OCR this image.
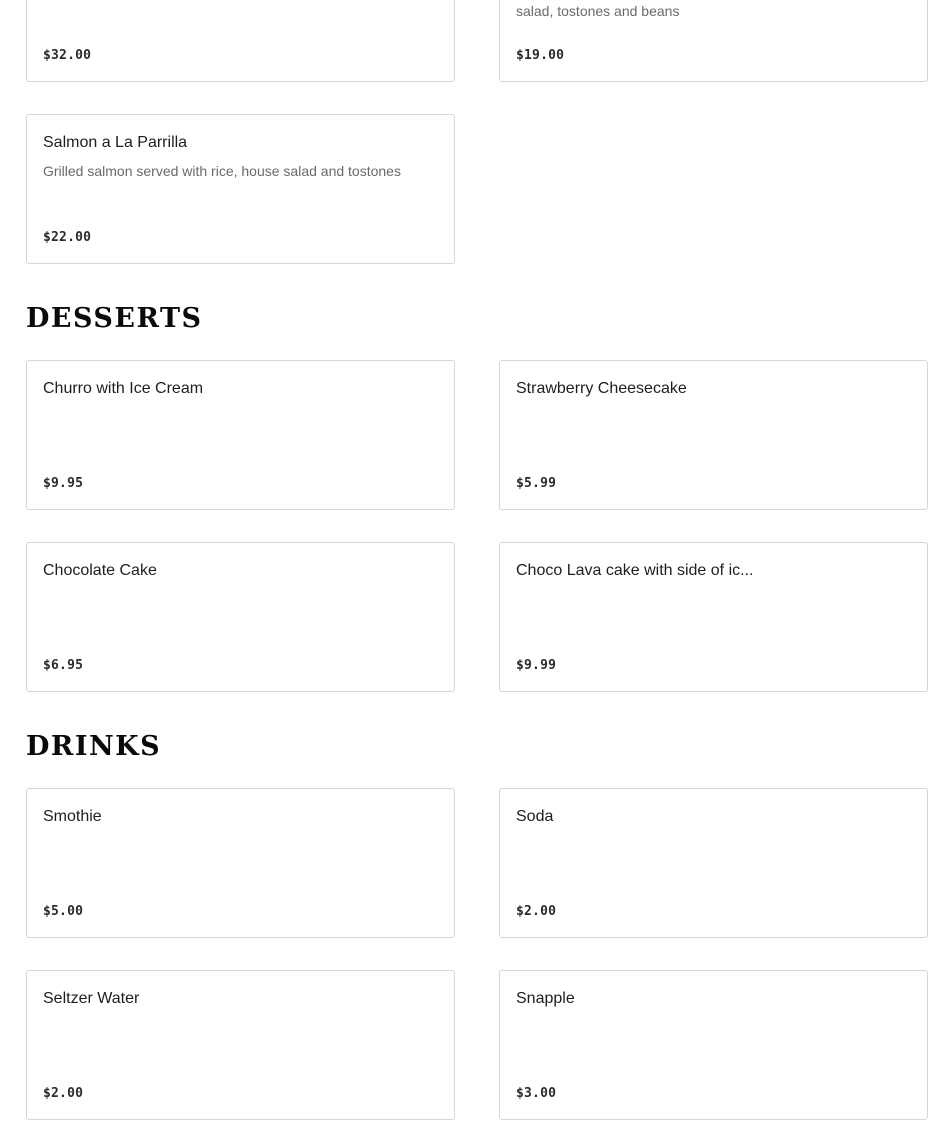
$32.00
salad, tostones and beans
$19.00
Salmon a La Parrilla
Grilled salmon served with rice, house salad and tostones
$22.00
DESSERTS
Churro with Ice Cream
$9.95
Strawberry Cheesecake
$5.99
Chocolate Cake
$6.95
Choco Lava cake with side of ic...
$9.99
DRINKS
Smothie
$5.00
Soda
$2.00
Seltzer Water
$2.00
Snapple
$3.00
